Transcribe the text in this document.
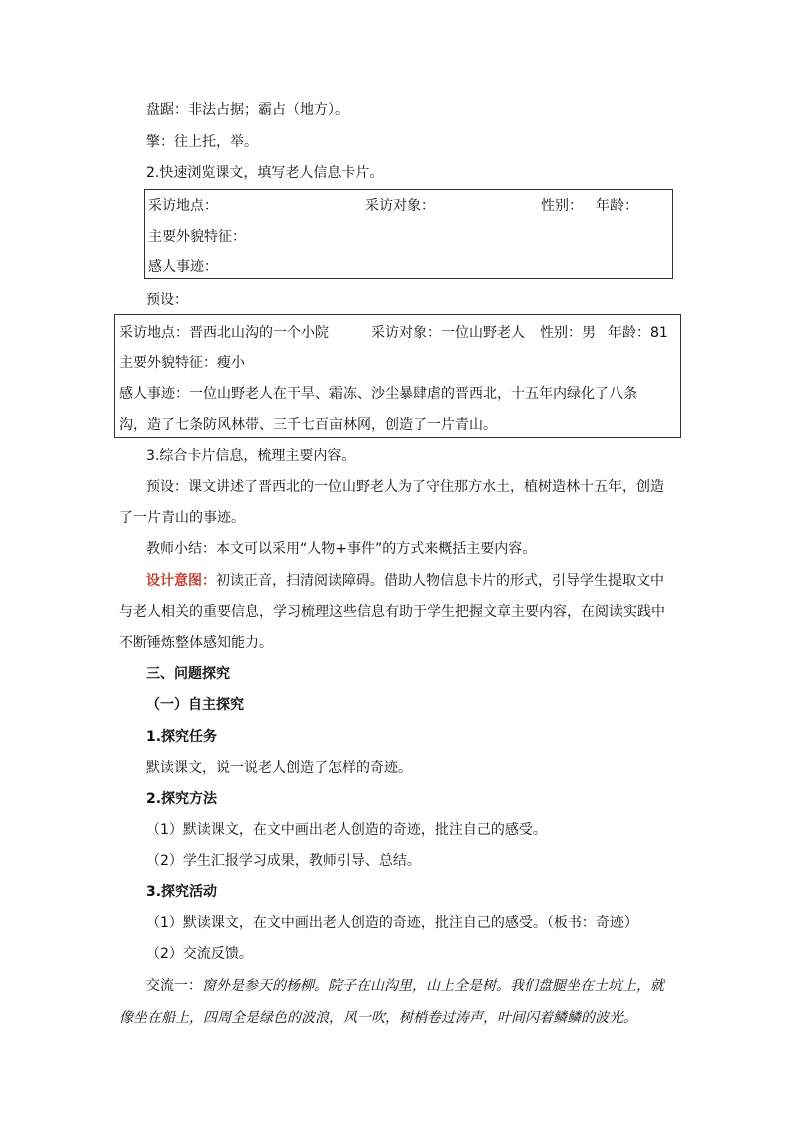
盘踞：非法占据；霸占（地方）。
擎：往上托，举。
2.快速浏览课文，填写老人信息卡片。
采访地点：	采访对象：	性别： 年龄：
主要外貌特征：
感人事迹：
预设：
采访地点：晋西北山沟的一个小院	采访对象：一位山野老人 性别：男 年龄：81
主要外貌特征：瘦小
感人事迹：一位山野老人在干旱、霜冻、沙尘暴肆虐的晋西北，十五年内绿化了八条
沟，造了七条防风林带、三千七百亩林网，创造了一片青山。
3.综合卡片信息，梳理主要内容。
预设：课文讲述了晋西北的一位山野老人为了守住那方水土，植树造林十五年，创造
了一片青山的事迹。
教师小结：本文可以采用“人物+事件”的方式来概括主要内容。
设计意图：初读正音，扫清阅读障碍。借助人物信息卡片的形式，引导学生提取文中
与老人相关的重要信息，学习梳理这些信息有助于学生把握文章主要内容，在阅读实践中
不断锤炼整体感知能力。
三、问题探究
（一）自主探究
1.探究任务
默读课文，说一说老人创造了怎样的奇迹。
2.探究方法
（1）默读课文，在文中画出老人创造的奇迹，批注自己的感受。
（2）学生汇报学习成果，教师引导、总结。
3.探究活动
（1）默读课文，在文中画出老人创造的奇迹，批注自己的感受。（板书：奇迹）
（2）交流反馈。
交流一：窗外是参天的杨柳。院子在山沟里，山上全是树。我们盘腿坐在土坑上，就
像坐在船上，四周全是绿色的波浪，风一吹，树梢卷过涛声，叶间闪着鳞鳞的波光。
